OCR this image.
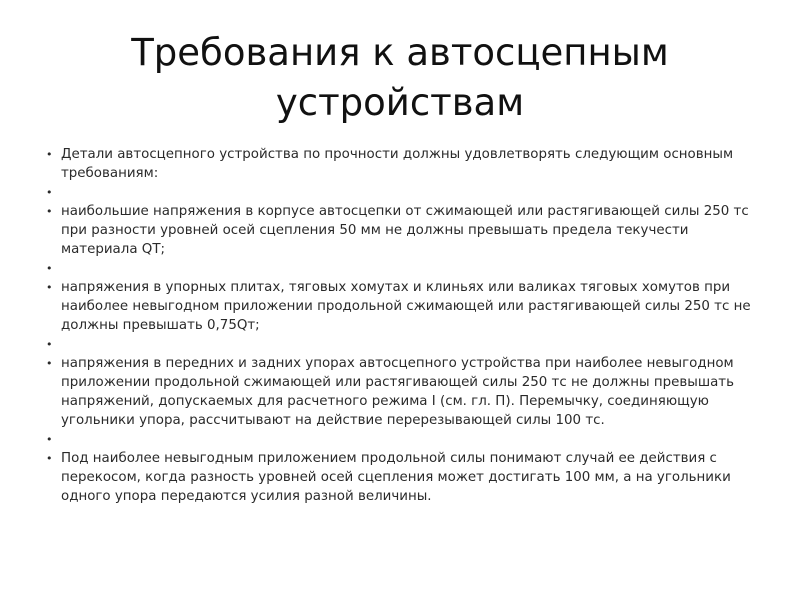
Требования к автосцепным устройствам
• Детали автосцепного устройства по прочности должны удовлетворять следующим основным требованиям:
•
• наибольшие напряжения в корпусе автосцепки от сжимающей или растягивающей силы 250 тс при разности уровней осей сцепления 50 мм не должны превышать предела текучести материала QT;
•
• напряжения в упорных плитах, тяговых хомутах и клиньях или валиках тяговых хомутов при наиболее невыгодном приложении продольной сжимающей или растягивающей силы 250 тс не должны превышать 0,75Qт;
•
• напряжения в передних и задних упорах автосцепного устройства при наиболее невыгодном приложении продольной сжимающей или растягивающей силы 250 тс не должны превышать напряжений, допускаемых для расчетного режима I (см. гл. П). Перемычку, соединяющую угольники упора, рассчитывают на действие перерезывающей силы 100 тс.
•
• Под наиболее невыгодным приложением продольной силы понимают случай ее действия с перекосом, когда разность уровней осей сцепления может достигать 100 мм, а на угольники одного упора передаются усилия разной величины.
